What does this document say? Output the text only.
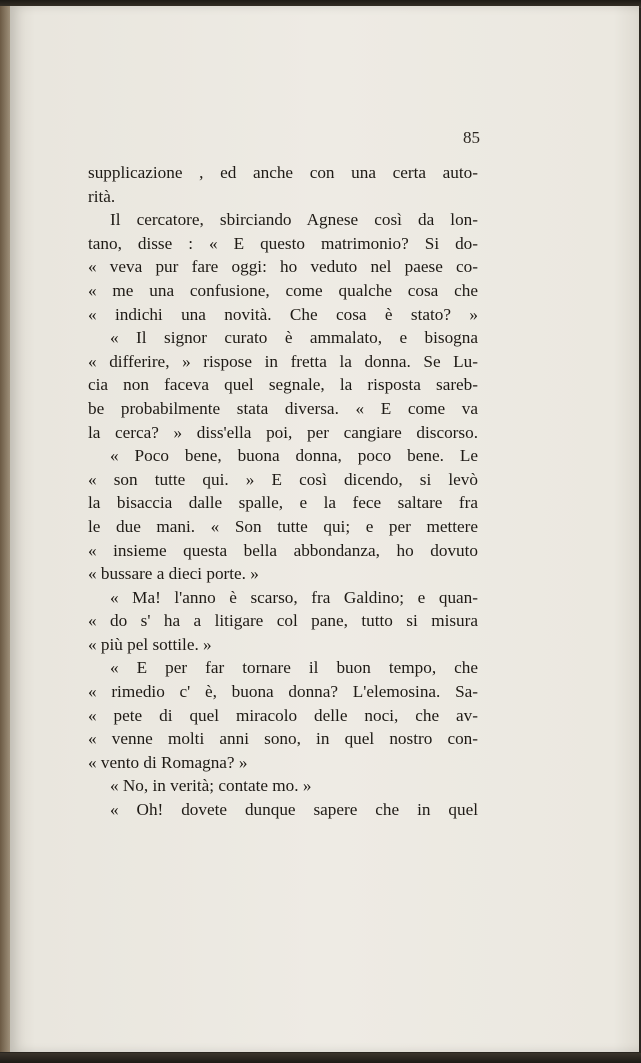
85
supplicazione , ed anche con una certa auto-
rità.
Il cercatore, sbirciando Agnese così da lon-
tano, disse : « E questo matrimonio? Si do-
« veva pur fare oggi: ho veduto nel paese co-
« me una confusione, come qualche cosa che
« indichi una novità. Che cosa è stato? »
« Il signor curato è ammalato, e bisogna
« differire, » rispose in fretta la donna. Se Lu-
cia non faceva quel segnale, la risposta sareb-
be probabilmente stata diversa. « E come va
la cerca? » diss'ella poi, per cangiare discorso.
« Poco bene, buona donna, poco bene. Le
« son tutte qui. » E così dicendo, si levò
la bisaccia dalle spalle, e la fece saltare fra
le due mani. « Son tutte qui; e per mettere
« insieme questa bella abbondanza, ho dovuto
« bussare a dieci porte. »
« Ma! l'anno è scarso, fra Galdino; e quan-
« do s' ha a litigare col pane, tutto si misura
« più pel sottile. »
« E per far tornare il buon tempo, che
« rimedio c' è, buona donna? L'elemosina. Sa-
« pete di quel miracolo delle noci, che av-
« venne molti anni sono, in quel nostro con-
« vento di Romagna? »
« No, in verità; contate mo. »
« Oh! dovete dunque sapere che in quel
